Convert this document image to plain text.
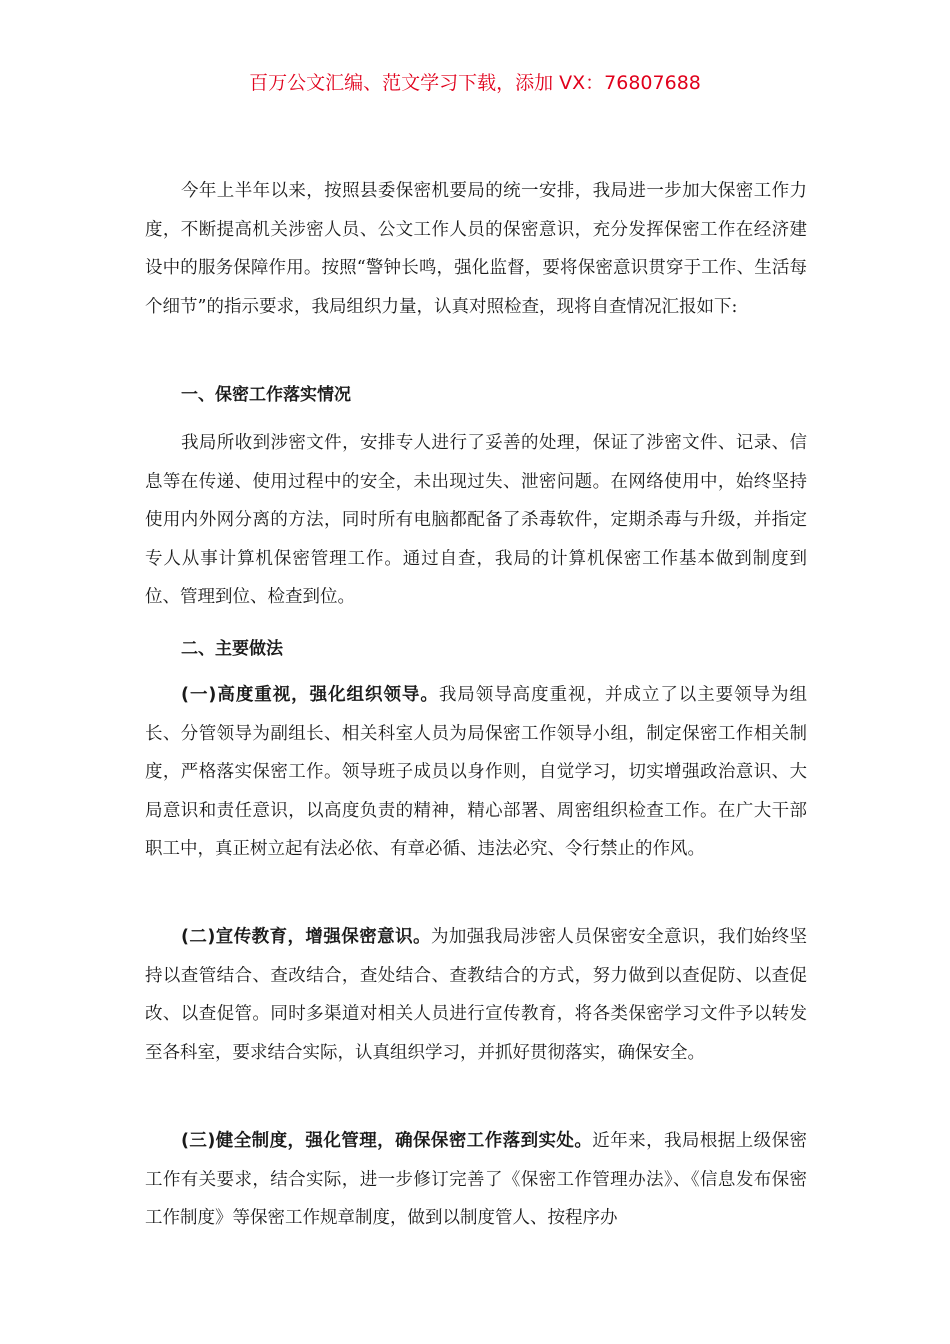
百万公文汇编、范文学习下载，添加 VX：76807688

今年上半年以来，按照县委保密机要局的统一安排，我局进一步加大保密工作力度，不断提高机关涉密人员、公文工作人员的保密意识，充分发挥保密工作在经济建设中的服务保障作用。按照“警钟长鸣，强化监督，要将保密意识贯穿于工作、生活每个细节”的指示要求，我局组织力量，认真对照检查，现将自查情况汇报如下:

一、保密工作落实情况

我局所收到涉密文件，安排专人进行了妥善的处理，保证了涉密文件、记录、信息等在传递、使用过程中的安全，未出现过失、泄密问题。在网络使用中，始终坚持使用内外网分离的方法，同时所有电脑都配备了杀毒软件，定期杀毒与升级，并指定专人从事计算机保密管理工作。通过自查，我局的计算机保密工作基本做到制度到位、管理到位、检查到位。

二、主要做法

(一)高度重视，强化组织领导。我局领导高度重视，并成立了以主要领导为组长、分管领导为副组长、相关科室人员为局保密工作领导小组，制定保密工作相关制度，严格落实保密工作。领导班子成员以身作则，自觉学习，切实增强政治意识、大局意识和责任意识，以高度负责的精神，精心部署、周密组织检查工作。在广大干部职工中，真正树立起有法必依、有章必循、违法必究、令行禁止的作风。

(二)宣传教育，增强保密意识。为加强我局涉密人员保密安全意识，我们始终坚持以查管结合、查改结合，查处结合、查教结合的方式，努力做到以查促防、以查促改、以查促管。同时多渠道对相关人员进行宣传教育，将各类保密学习文件予以转发至各科室，要求结合实际，认真组织学习，并抓好贯彻落实，确保安全。

(三)健全制度，强化管理，确保保密工作落到实处。近年来，我局根据上级保密工作有关要求，结合实际，进一步修订完善了《保密工作管理办法》、《信息发布保密工作制度》等保密工作规章制度，做到以制度管人、按程序办
